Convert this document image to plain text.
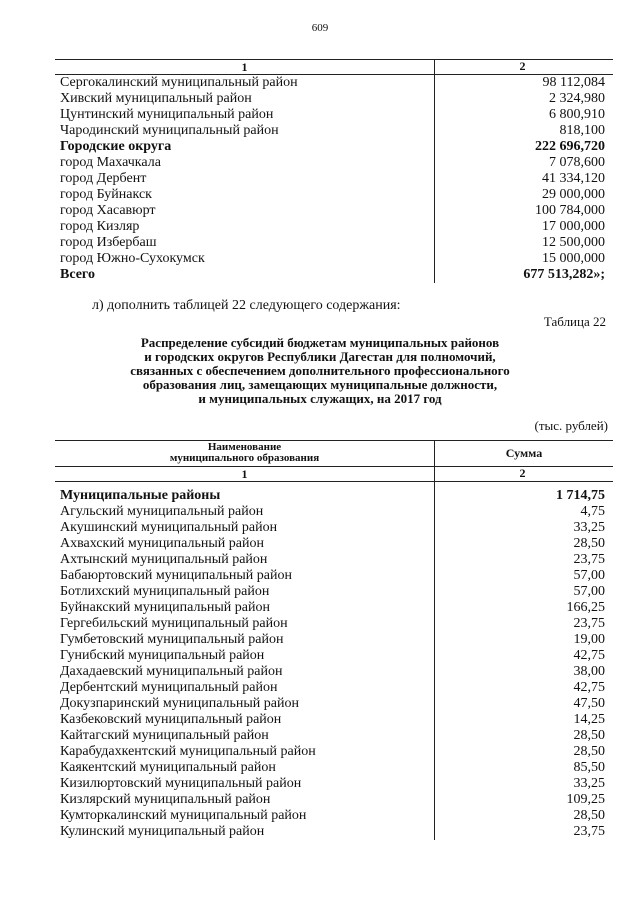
609
1	2
Сергокалинский муниципальный район	98 112,084
Хивский муниципальный район	2 324,980
Цунтинский муниципальный район	6 800,910
Чародинский муниципальный район	818,100
Городские округа	222 696,720
город Махачкала	7 078,600
город Дербент	41 334,120
город Буйнакск	29 000,000
город Хасавюрт	100 784,000
город Кизляр	17 000,000
город Избербаш	12 500,000
город Южно-Сухокумск	15 000,000
Всего	677 513,282»;
л) дополнить таблицей 22 следующего содержания:
Таблица 22
Распределение субсидий бюджетам муниципальных районов
и городских округов Республики Дагестан для полномочий,
связанных с обеспечением дополнительного профессионального
образования лиц, замещающих муниципальные должности,
и муниципальных служащих, на 2017 год
(тыс. рублей)
Наименование
муниципального образования	Сумма
1	2

Муниципальные районы	1 714,75
Агульский муниципальный район	4,75
Акушинский муниципальный район	33,25
Ахвахский муниципальный район	28,50
Ахтынский муниципальный район	23,75
Бабаюртовский муниципальный район	57,00
Ботлихский муниципальный район	57,00
Буйнакский муниципальный район	166,25
Гергебильский муниципальный район	23,75
Гумбетовский муниципальный район	19,00
Гунибский муниципальный район	42,75
Дахадаевский муниципальный район	38,00
Дербентский муниципальный район	42,75
Докузпаринский муниципальный район	47,50
Казбековский муниципальный район	14,25
Кайтагский муниципальный район	28,50
Карабудахкентский муниципальный район	28,50
Каякентский муниципальный район	85,50
Кизилюртовский муниципальный район	33,25
Кизлярский муниципальный район	109,25
Кумторкалинский муниципальный район	28,50
Кулинский муниципальный район	23,75
